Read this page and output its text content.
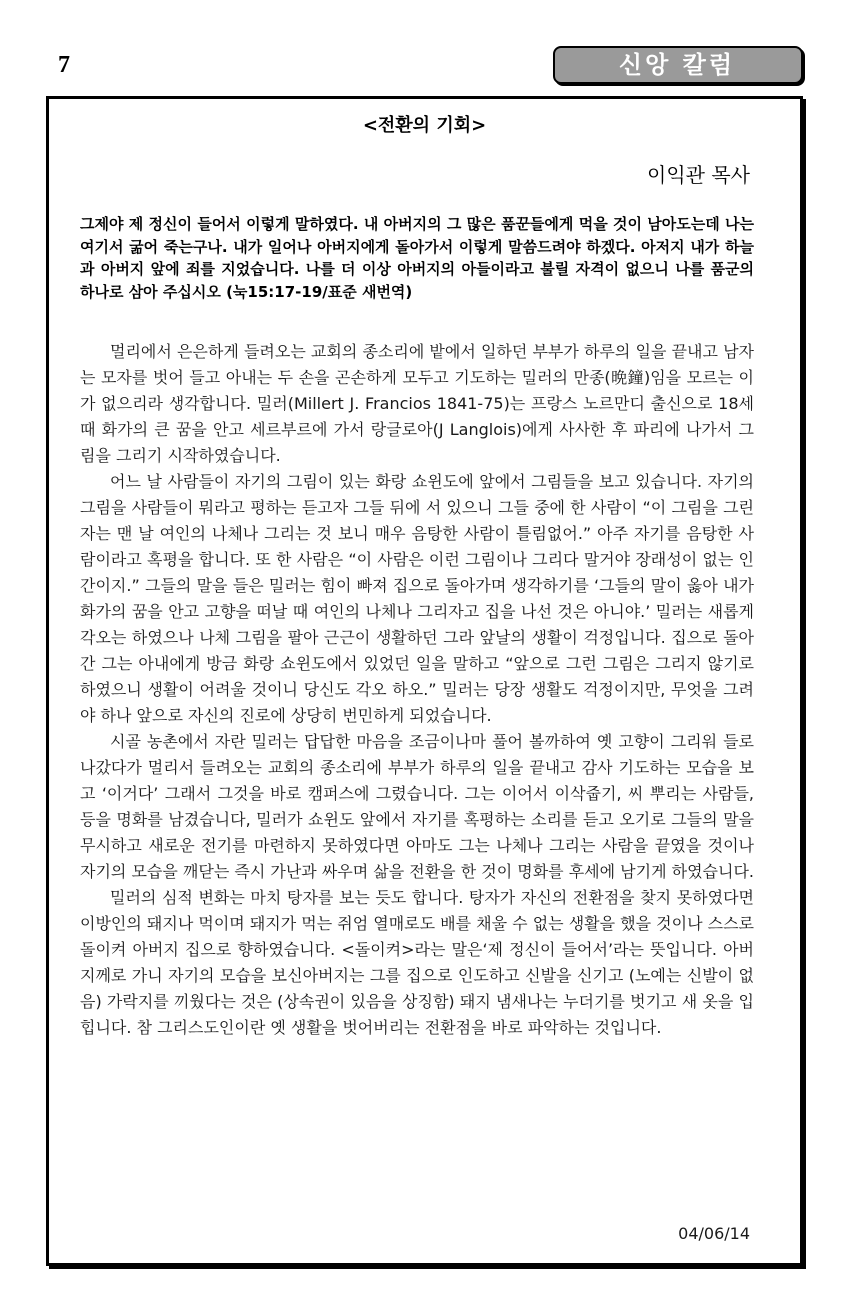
7	신앙 칼럼
<전환의 기회>
이익관 목사
그제야 제 정신이 들어서 이렇게 말하였다. 내 아버지의 그 많은 품꾼들에게 먹을 것이 남아도는데 나는 여기서 굶어 죽는구나. 내가 일어나 아버지에게 돌아가서 이렇게 말씀드려야 하겠다. 아저지 내가 하늘과 아버지 앞에 죄를 지었습니다. 나를 더 이상 아버지의 아들이라고 불릴 자격이 없으니 나를 품군의 하나로 삼아 주십시오 (눅15:17-19/표준 새번역)

멀리에서 은은하게 들려오는 교회의 종소리에 밭에서 일하던 부부가 하루의 일을 끝내고 남자는 모자를 벗어 들고 아내는 두 손을 곤손하게 모두고 기도하는 밀러의 만종(晩鐘)임을 모르는 이가 없으리라 생각합니다. 밀러(Millert J. Francios 1841-75)는 프랑스 노르만디 출신으로 18세 때 화가의 큰 꿈을 안고 세르부르에 가서 랑글로아(J Langlois)에게 사사한 후 파리에 나가서 그림을 그리기 시작하였습니다.

어느 날 사람들이 자기의 그림이 있는 화랑 쇼윈도에 앞에서 그림들을 보고 있습니다. 자기의 그림을 사람들이 뭐라고 평하는 듣고자 그들 뒤에 서 있으니 그들 중에 한 사람이 “이 그림을 그린 자는 맨 날 여인의 나체나 그리는 것 보니 매우 음탕한 사람이 틀림없어.” 아주 자기를 음탕한 사람이라고 혹평을 합니다. 또 한 사람은 “이 사람은 이런 그림이나 그리다 말거야 장래성이 없는 인간이지.” 그들의 말을 들은 밀러는 힘이 빠져 집으로 돌아가며 생각하기를 ‘그들의 말이 옳아 내가 화가의 꿈을 안고 고향을 떠날 때 여인의 나체나 그리자고 집을 나선 것은 아니야.’ 밀러는 새롭게 각오는 하였으나 나체 그림을 팔아 근근이 생활하던 그라 앞날의 생활이 걱정입니다. 집으로 돌아간 그는 아내에게 방금 화랑 쇼윈도에서 있었던 일을 말하고 “앞으로 그런 그림은 그리지 않기로 하였으니 생활이 어려울 것이니 당신도 각오 하오.” 밀러는 당장 생활도 걱정이지만, 무엇을 그려야 하나 앞으로 자신의 진로에 상당히 번민하게 되었습니다.

시골 농촌에서 자란 밀러는 답답한 마음을 조금이나마 풀어 볼까하여 옛 고향이 그리워 들로 나갔다가 멀리서 들려오는 교회의 종소리에 부부가 하루의 일을 끝내고 감사 기도하는 모습을 보고 ‘이거다’ 그래서 그것을 바로 캠퍼스에 그렸습니다. 그는 이어서 이삭줍기, 씨 뿌리는 사람들, 등을 명화를 남겼습니다, 밀러가 쇼윈도 앞에서 자기를 혹평하는 소리를 듣고 오기로 그들의 말을 무시하고 새로운 전기를 마련하지 못하였다면 아마도 그는 나체나 그리는 사람을 끝였을 것이나 자기의 모습을 깨닫는 즉시 가난과 싸우며 삶을 전환을 한 것이 명화를 후세에 남기게 하였습니다.

밀러의 심적 변화는 마치 탕자를 보는 듯도 합니다. 탕자가 자신의 전환점을 찾지 못하였다면 이방인의 돼지나 먹이며 돼지가 먹는 쥐엄 열매로도 배를 채울 수 없는 생활을 했을 것이나 스스로 돌이켜 아버지 집으로 향하였습니다. <돌이켜>라는 말은‘제 정신이 들어서’라는 뜻입니다. 아버지께로 가니 자기의 모습을 보신아버지는 그를 집으로 인도하고 신발을 신기고 (노예는 신발이 없음) 가락지를 끼웠다는 것은 (상속권이 있음을 상징함) 돼지 냄새나는 누더기를 벗기고 새 옷을 입힙니다. 참 그리스도인이란 옛 생활을 벗어버리는 전환점을 바로 파악하는 것입니다.

04/06/14
